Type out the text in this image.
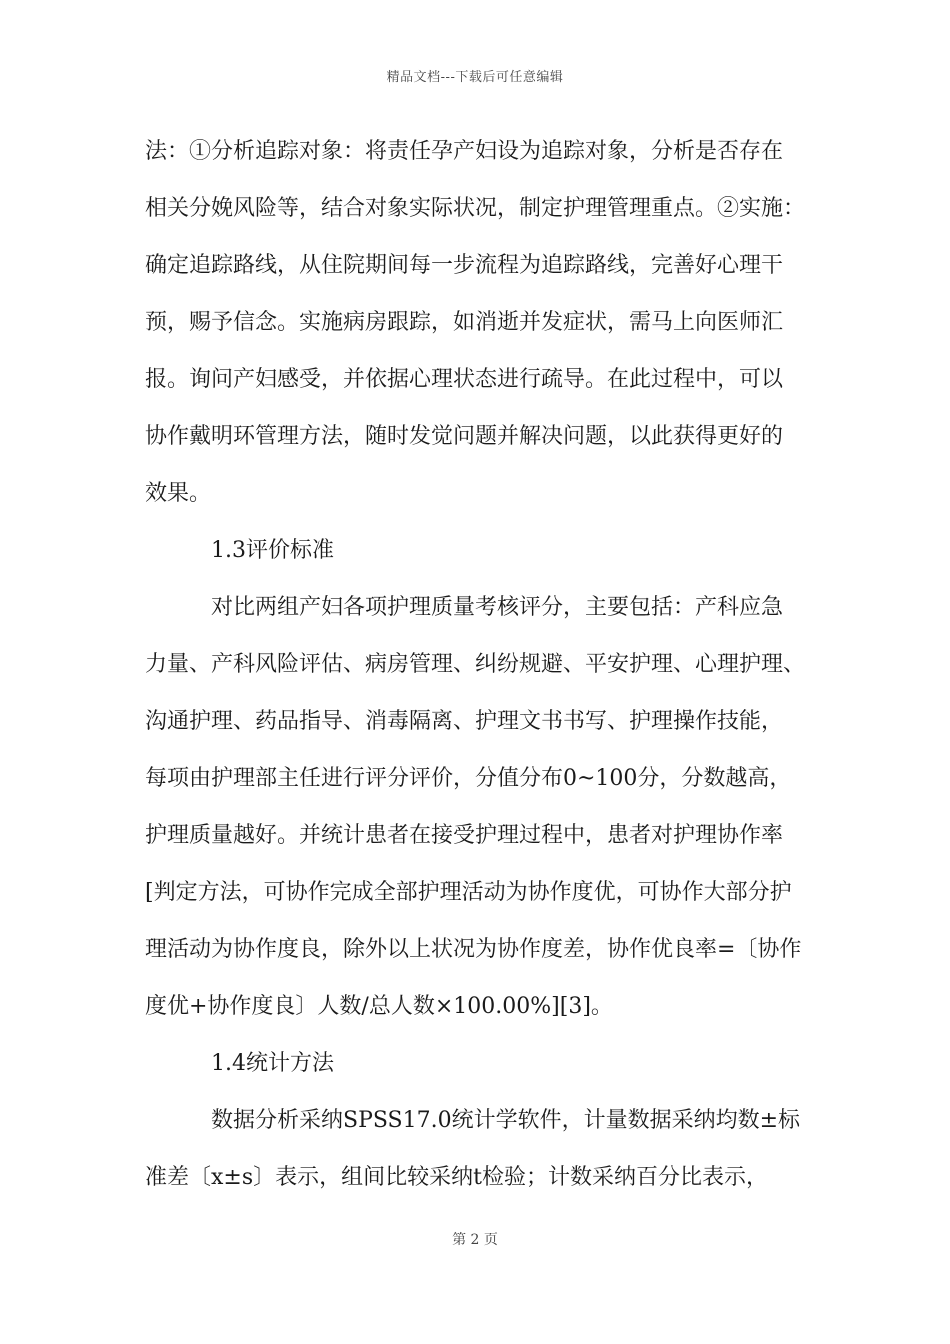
精品文档---下载后可任意编辑
法：①分析追踪对象：将责任孕产妇设为追踪对象，分析是否存在
相关分娩风险等，结合对象实际状况，制定护理管理重点。②实施：
确定追踪路线，从住院期间每一步流程为追踪路线，完善好心理干
预，赐予信念。实施病房跟踪，如消逝并发症状，需马上向医师汇
报。询问产妇感受，并依据心理状态进行疏导。在此过程中，可以
协作戴明环管理方法，随时发觉问题并解决问题，以此获得更好的
效果。
1.3评价标准
对比两组产妇各项护理质量考核评分，主要包括：产科应急
力量、产科风险评估、病房管理、纠纷规避、平安护理、心理护理、
沟通护理、药品指导、消毒隔离、护理文书书写、护理操作技能，
每项由护理部主任进行评分评价，分值分布0~100分，分数越高，
护理质量越好。并统计患者在接受护理过程中，患者对护理协作率
[判定方法，可协作完成全部护理活动为协作度优，可协作大部分护
理活动为协作度良，除外以上状况为协作度差，协作优良率=〔协作
度优+协作度良〕人数/总人数×100.00%][3]。
1.4统计方法
数据分析采纳SPSS17.0统计学软件，计量数据采纳均数±标
准差〔x±s〕表示，组间比较采纳t检验；计数采纳百分比表示，
第 2 页
